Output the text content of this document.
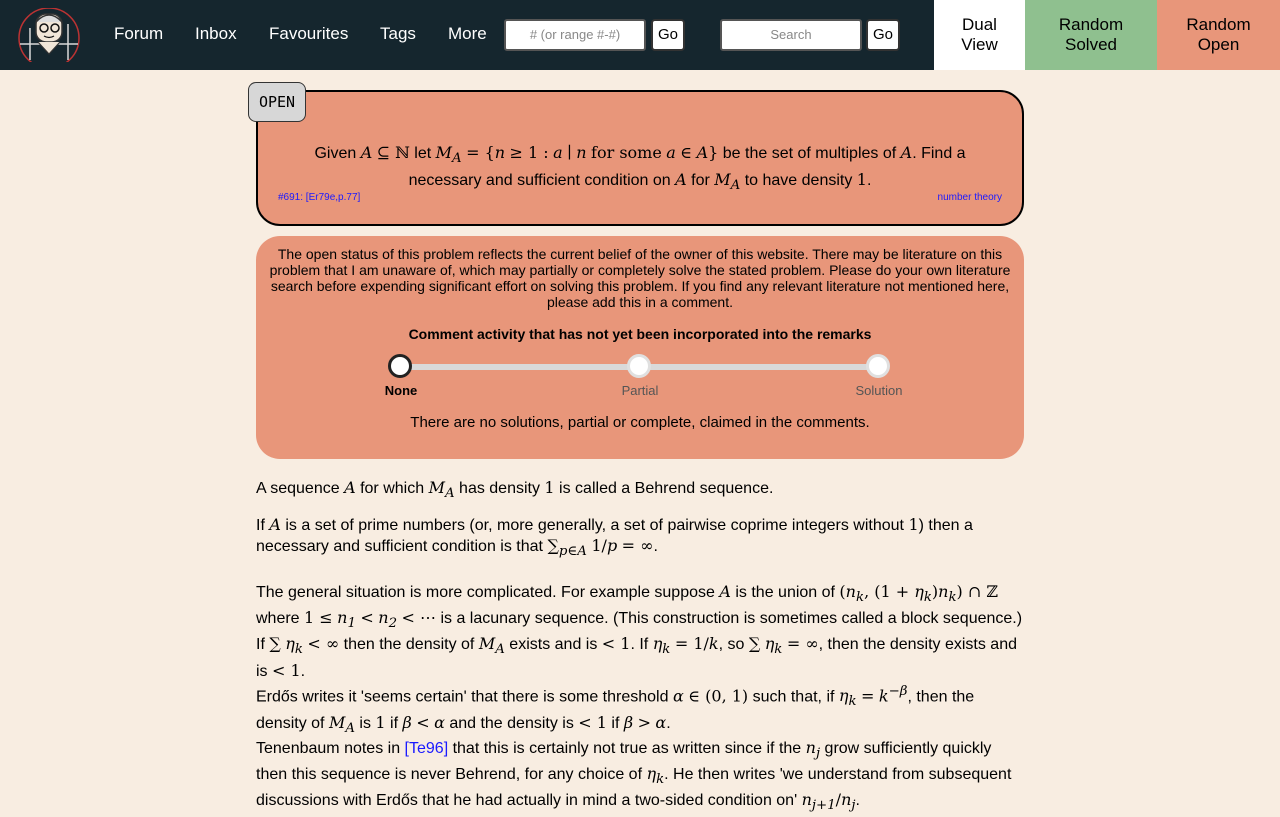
Forum Inbox Favourites Tags More	# (or range #-#)	Go	Search	Go
Dual
View
Random
Solved
Random
Open
OPEN
Given A ⊆ ℕ let $M_A = \{n \ge 1$ : a ∣ n for some a ∈ A} be the set of multiples of A. Find a necessary and sufficient condition on A for $M_A$ to have density 1.
#691: [Er79e,p.77]	number theory
The open status of this problem reflects the current belief of the owner of this website. There may be literature on this problem that I am unaware of, which may partially or completely solve the stated problem. Please do your own literature search before expending significant effort on solving this problem. If you find any relevant literature not mentioned here, please add this in a comment.
Comment activity that has not yet been incorporated into the remarks
None	Partial	Solution
There are no solutions, partial or complete, claimed in the comments.
A sequence A for which $M_A$ has density 1 is called a Behrend sequence.
If A is a set of prime numbers (or, more generally, a set of pairwise coprime integers without 1) then a necessary and sufficient condition is that $\sum_{p\in A}$ 1/p = ∞.
The general situation is more complicated. For example suppose A is the union of ($n_k$, $(1 + \eta_k)n_k$) ∩ ℤ where $1 \le n_1 < n_2$ < ⋯ is a lacunary sequence. (This construction is sometimes called a block sequence.) If ∑ $\eta_k$ < ∞ then the density of $M_A$ exists and is < 1. If $\eta_k = 1/k$, so ∑ $\eta_k$ = ∞, then the density exists and is < 1.
Erdős writes it 'seems certain' that there is some threshold α ∈ (0, 1) such that, if $\eta_k = k^{-\beta}$, then the density of $M_A$ is 1 if β < α and the density is < 1 if β > α.
Tenenbaum notes in [Te96] that this is certainly not true as written since if the $n_j$ grow sufficiently quickly then this sequence is never Behrend, for any choice of $\eta_k$. He then writes 'we understand from subsequent discussions with Erdős that he had actually in mind a two-sided condition on' $n_{j+1}/n_j$.
